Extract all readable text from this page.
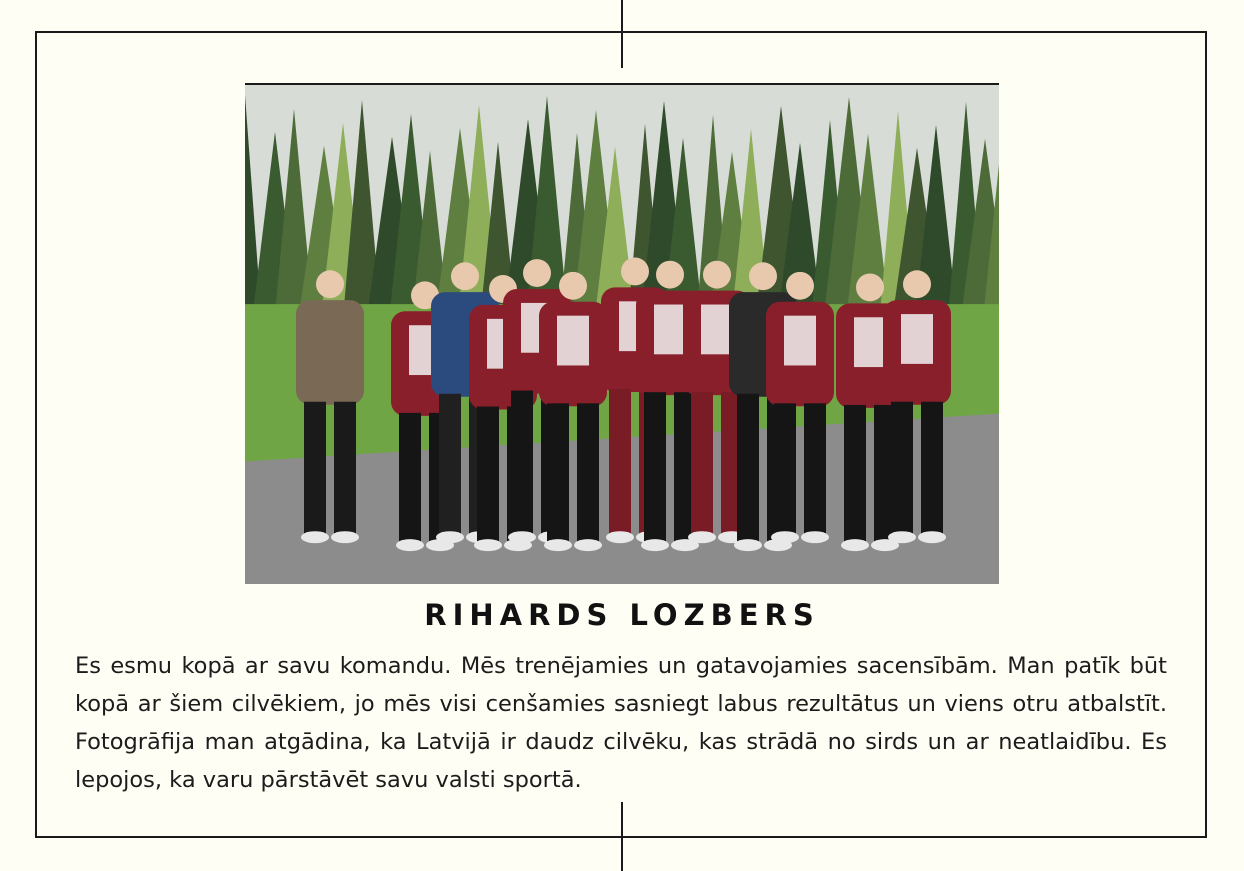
RIHARDS LOZBERS

Es esmu kopā ar savu komandu. Mēs trenējamies un gatavojamies sacensībām. Man patīk būt kopā ar šiem cilvēkiem, jo mēs visi cenšamies sasniegt labus rezultātus un viens otru atbalstīt. Fotogrāfija man atgādina, ka Latvijā ir daudz cilvēku, kas strādā no sirds un ar neatlaidību. Es lepojos, ka varu pārstāvēt savu valsti sportā.
